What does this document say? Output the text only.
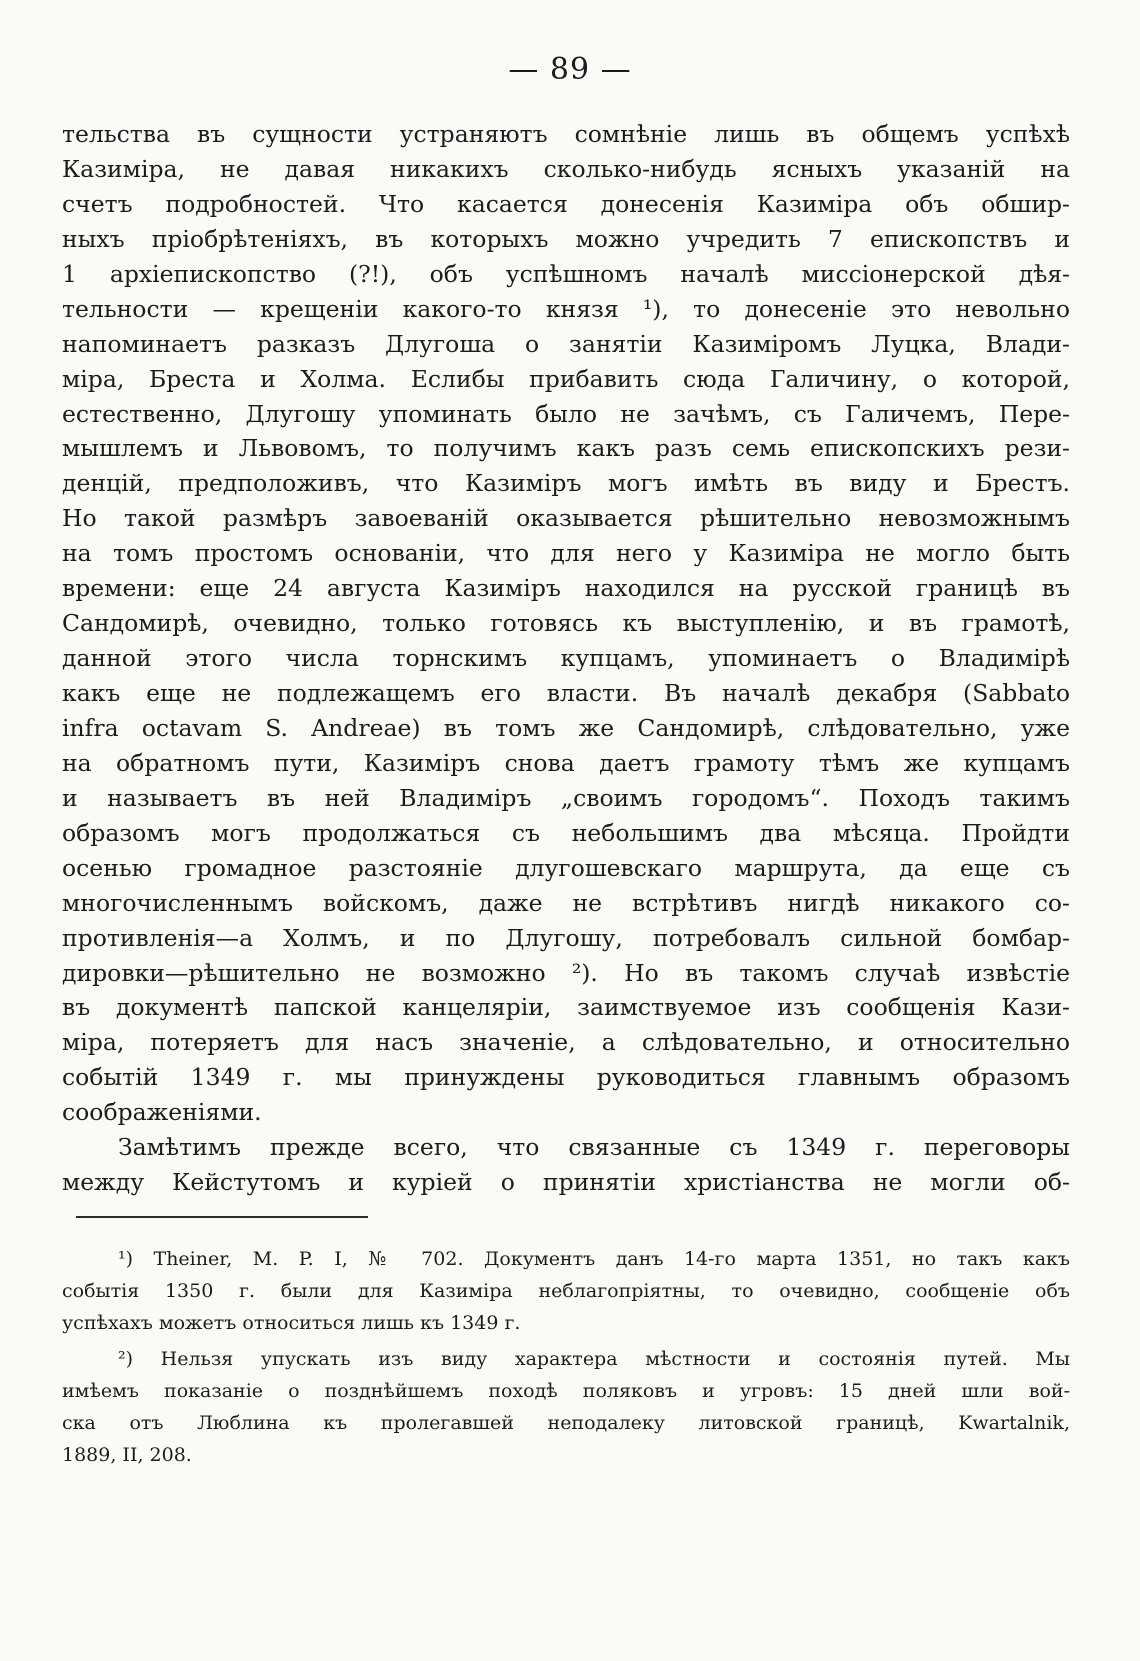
— 89 —
тельства въ сущности устраняютъ сомнѣніе лишь въ общемъ успѣхѣ
Казиміра, не давая никакихъ сколько-нибудь ясныхъ указаній на
счетъ подробностей. Что касается донесенія Казиміра объ обшир-
ныхъ пріобрѣтеніяхъ, въ которыхъ можно учредить 7 епископствъ и
1 архіепископство (?!), объ успѣшномъ началѣ миссіонерской дѣя-
тельности — крещеніи какого-то князя ¹), то донесеніе это невольно
напоминаетъ разказъ Длугоша о занятіи Казиміромъ Луцка, Влади-
міра, Бреста и Холма. Еслибы прибавить сюда Галичину, о которой,
естественно, Длугошу упоминать было не зачѣмъ, съ Галичемъ, Пере-
мышлемъ и Львовомъ, то получимъ какъ разъ семь епископскихъ рези-
денцій, предположивъ, что Казиміръ могъ имѣть въ виду и Брестъ.
Но такой размѣръ завоеваній оказывается рѣшительно невозможнымъ
на томъ простомъ основаніи, что для него у Казиміра не могло быть
времени: еще 24 августа Казиміръ находился на русской границѣ въ
Сандомирѣ, очевидно, только готовясь къ выступленію, и въ грамотѣ,
данной этого числа торнскимъ купцамъ, упоминаетъ о Владимірѣ
какъ еще не подлежащемъ его власти. Въ началѣ декабря (Sabbato
infra octavam S. Andreae) въ томъ же Сандомирѣ, слѣдовательно, уже
на обратномъ пути, Казиміръ снова даетъ грамоту тѣмъ же купцамъ
и называетъ въ ней Владиміръ „своимъ городомъ“. Походъ такимъ
образомъ могъ продолжаться съ небольшимъ два мѣсяца. Пройдти
осенью громадное разстояніе длугошевскаго маршрута, да еще съ
многочисленнымъ войскомъ, даже не встрѣтивъ нигдѣ никакого со-
противленія—а Холмъ, и по Длугошу, потребовалъ сильной бомбар-
дировки—рѣшительно не возможно ²). Но въ такомъ случаѣ извѣстіе
въ документѣ папской канцеляріи, заимствуемое изъ сообщенія Кази-
міра, потеряетъ для насъ значеніе, а слѣдовательно, и относительно
событій 1349 г. мы принуждены руководиться главнымъ образомъ
соображеніями.
Замѣтимъ прежде всего, что связанные съ 1349 г. переговоры
между Кейстутомъ и куріей о принятіи христіанства не могли об-
¹) Theiner, M. P. I, № 702. Документъ данъ 14-го марта 1351, но такъ какъ
событія 1350 г. были для Казиміра неблагопріятны, то очевидно, сообщеніе объ
успѣхахъ можетъ относиться лишь къ 1349 г.
²) Нельзя упускать изъ виду характера мѣстности и состоянія путей. Мы
имѣемъ показаніе о позднѣйшемъ походѣ поляковъ и угровъ: 15 дней шли вой-
ска отъ Люблина къ пролегавшей неподалеку литовской границѣ, Kwartalnik,
1889, II, 208.
